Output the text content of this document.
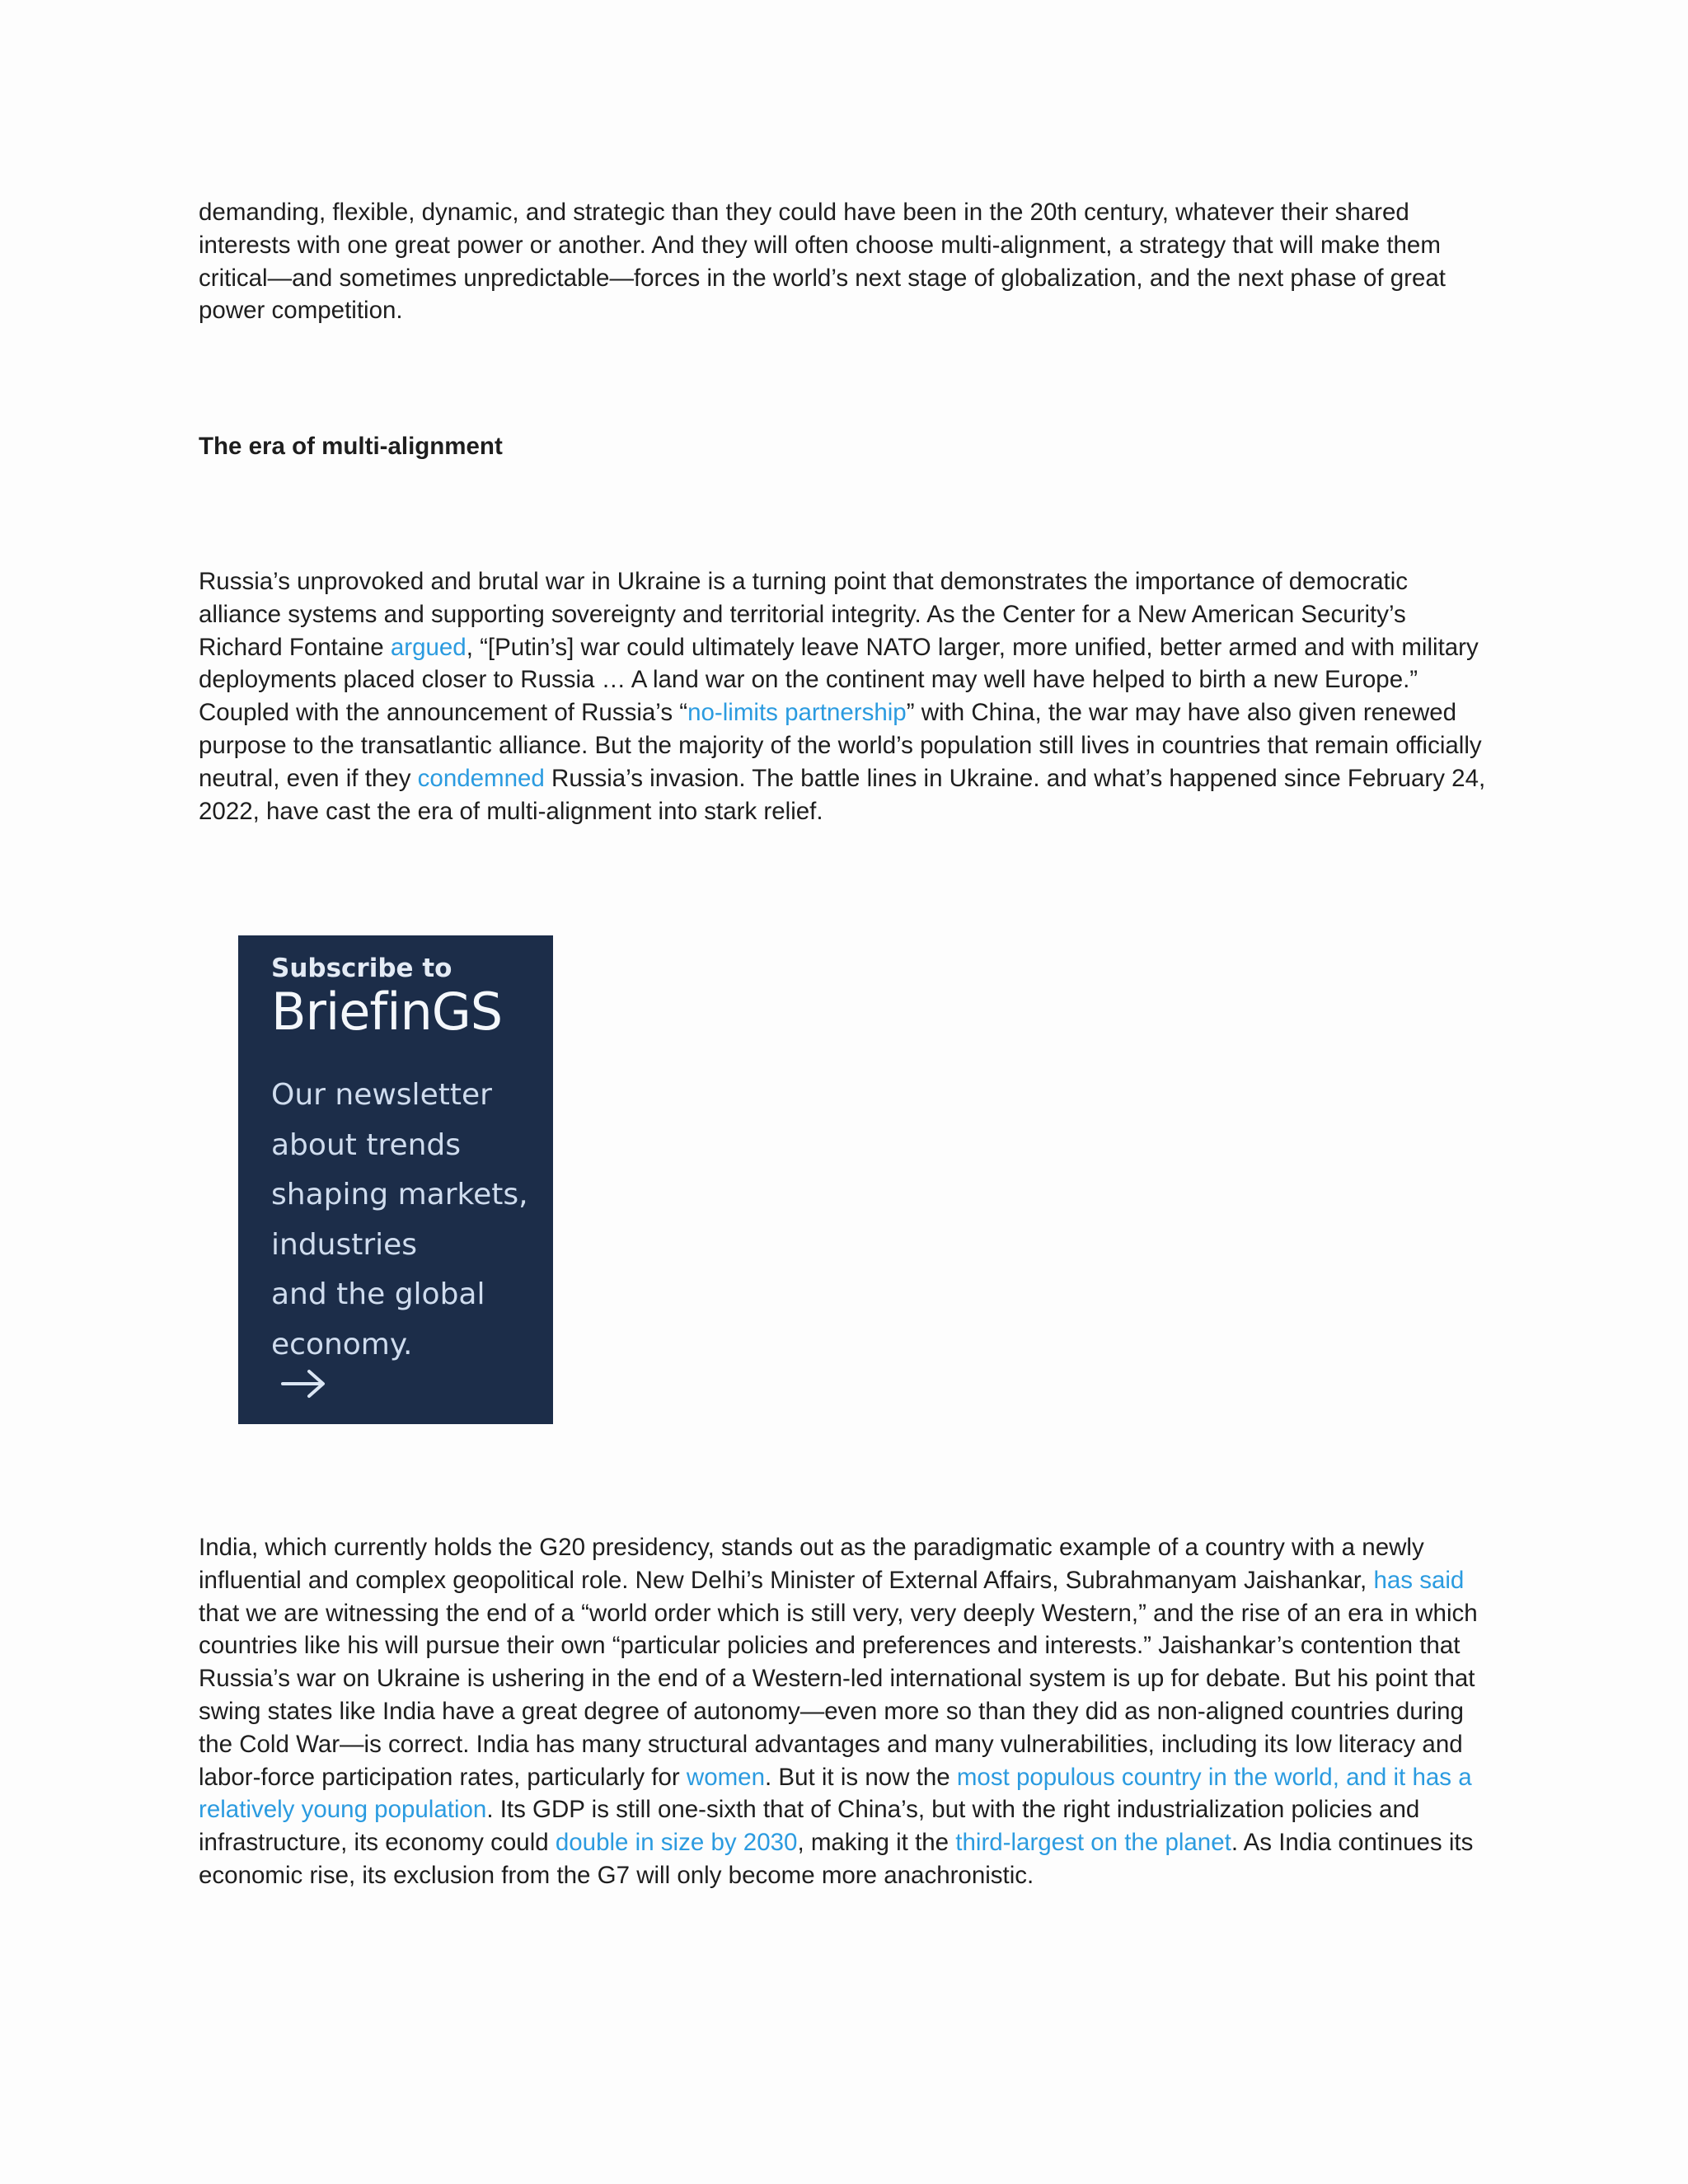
demanding, flexible, dynamic, and strategic than they could have been in the 20th century, whatever their shared interests with one great power or another. And they will often choose multi-alignment, a strategy that will make them critical—and sometimes unpredictable—forces in the world’s next stage of globalization, and the next phase of great power competition.

The era of multi-alignment

Russia’s unprovoked and brutal war in Ukraine is a turning point that demonstrates the importance of democratic alliance systems and supporting sovereignty and territorial integrity. As the Center for a New American Security’s Richard Fontaine argued, “[Putin’s] war could ultimately leave NATO larger, more unified, better armed and with military deployments placed closer to Russia … A land war on the continent may well have helped to birth a new Europe.” Coupled with the announcement of Russia’s “no-limits partnership” with China, the war may have also given renewed purpose to the transatlantic alliance. But the majority of the world’s population still lives in countries that remain officially neutral, even if they condemned Russia’s invasion. The battle lines in Ukraine. and what’s happened since February 24, 2022, have cast the era of multi-alignment into stark relief.

Subscribe to
BriefinGS
Our newsletter
about trends
shaping markets,
industries
and the global
economy.

India, which currently holds the G20 presidency, stands out as the paradigmatic example of a country with a newly influential and complex geopolitical role. New Delhi’s Minister of External Affairs, Subrahmanyam Jaishankar, has said that we are witnessing the end of a “world order which is still very, very deeply Western,” and the rise of an era in which countries like his will pursue their own “particular policies and preferences and interests.” Jaishankar’s contention that Russia’s war on Ukraine is ushering in the end of a Western-led international system is up for debate. But his point that swing states like India have a great degree of autonomy—even more so than they did as non-aligned countries during the Cold War—is correct. India has many structural advantages and many vulnerabilities, including its low literacy and labor-force participation rates, particularly for women. But it is now the most populous country in the world, and it has a relatively young population. Its GDP is still one-sixth that of China’s, but with the right industrialization policies and infrastructure, its economy could double in size by 2030, making it the third-largest on the planet. As India continues its economic rise, its exclusion from the G7 will only become more anachronistic.
